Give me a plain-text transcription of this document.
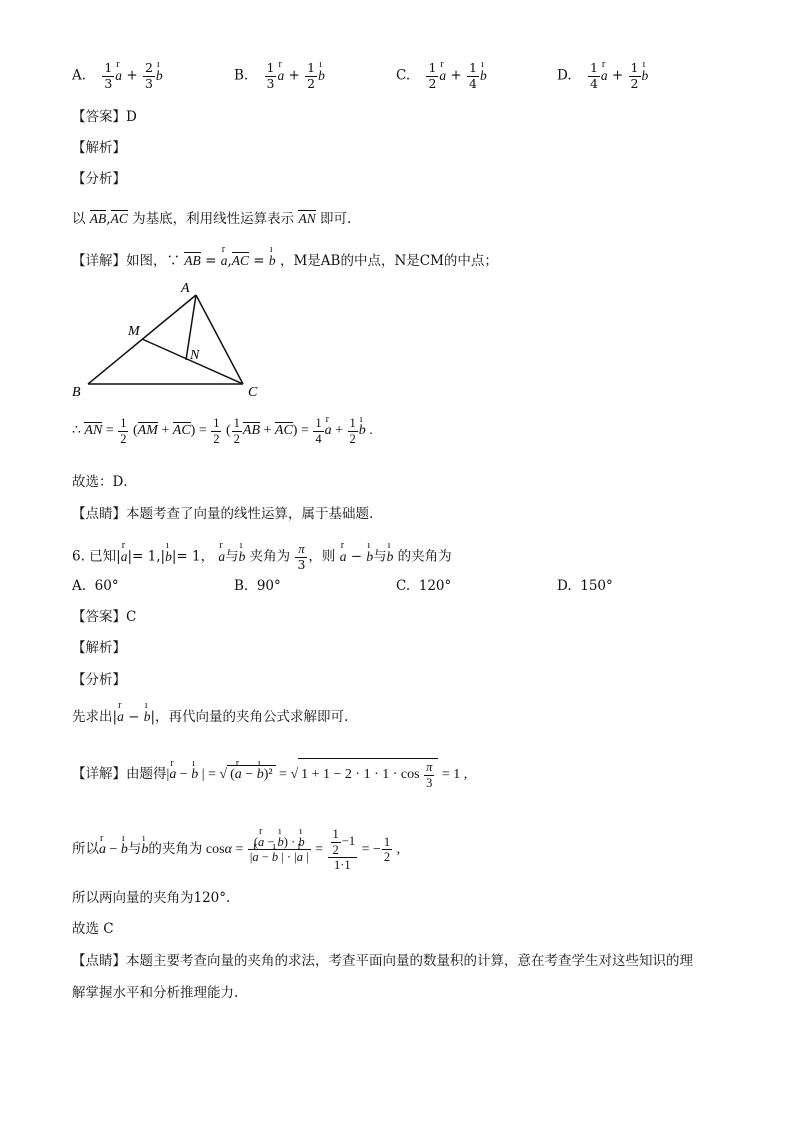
A. $\frac{1}{3}$ r $a + \frac{2}{3}$ ı b	B. $\frac{1}{3}$ r $a + \frac{1}{2}$ ı b	C. $\frac{1}{2}$ r $a + \frac{1}{4}$ ı b	D. $\frac{1}{4}$ r $a + \frac{1}{2}$ ı b
【答案】D
【解析】
【分析】
以 AB,AC 为基底，利用线性运算表示 AN 即可.
【详解】如图，∵ AB = r a,AC = ı b ，M是AB的中点，N是CM的中点；
A
B	C
M
N
∴ AN = $\frac{1}{2} (AM + AC) = \frac{1}{2}$ ( $\frac{1}{2}$ AB + $AC) = \frac{1}{4}$ r $a + \frac{1}{2}$ ı b .
故选：D．
【点睛】本题考查了向量的线性运算，属于基础题.
6. 已知|r a|= 1,|ı b|= 1， r a与ı b 夹角为 $\frac{\pi}{3}$ ，则 r a − ı b与ı b 的夹角为
A. 60°	B. 90°	C. 120°	D. 150°
【答案】C
【解析】
【分析】
先求出|r a − ı b|，再代向量的夹角公式求解即可.
【详解】由题得|r a − ı b | = √ (r a − ı b)² = √ $1 + 1 - 2 \cdot 1 \cdot 1 \cdot \cos \frac{\pi}{3} = 1$ ,
所以r a − ı b与ı b的夹角为 $\cos\alpha = \frac{\text{(r a − ı b) · ı b}}{\text{|r a − ı b | · |r a |}} = \frac{\frac{1}{2} -1}{1\cdot 1}$ = − $\frac{1}{2}$ ,
所以两向量的夹角为120°.
故选 C
【点睛】本题主要考查向量的夹角的求法，考查平面向量的数量积的计算，意在考查学生对这些知识的理
解掌握水平和分析推理能力.
